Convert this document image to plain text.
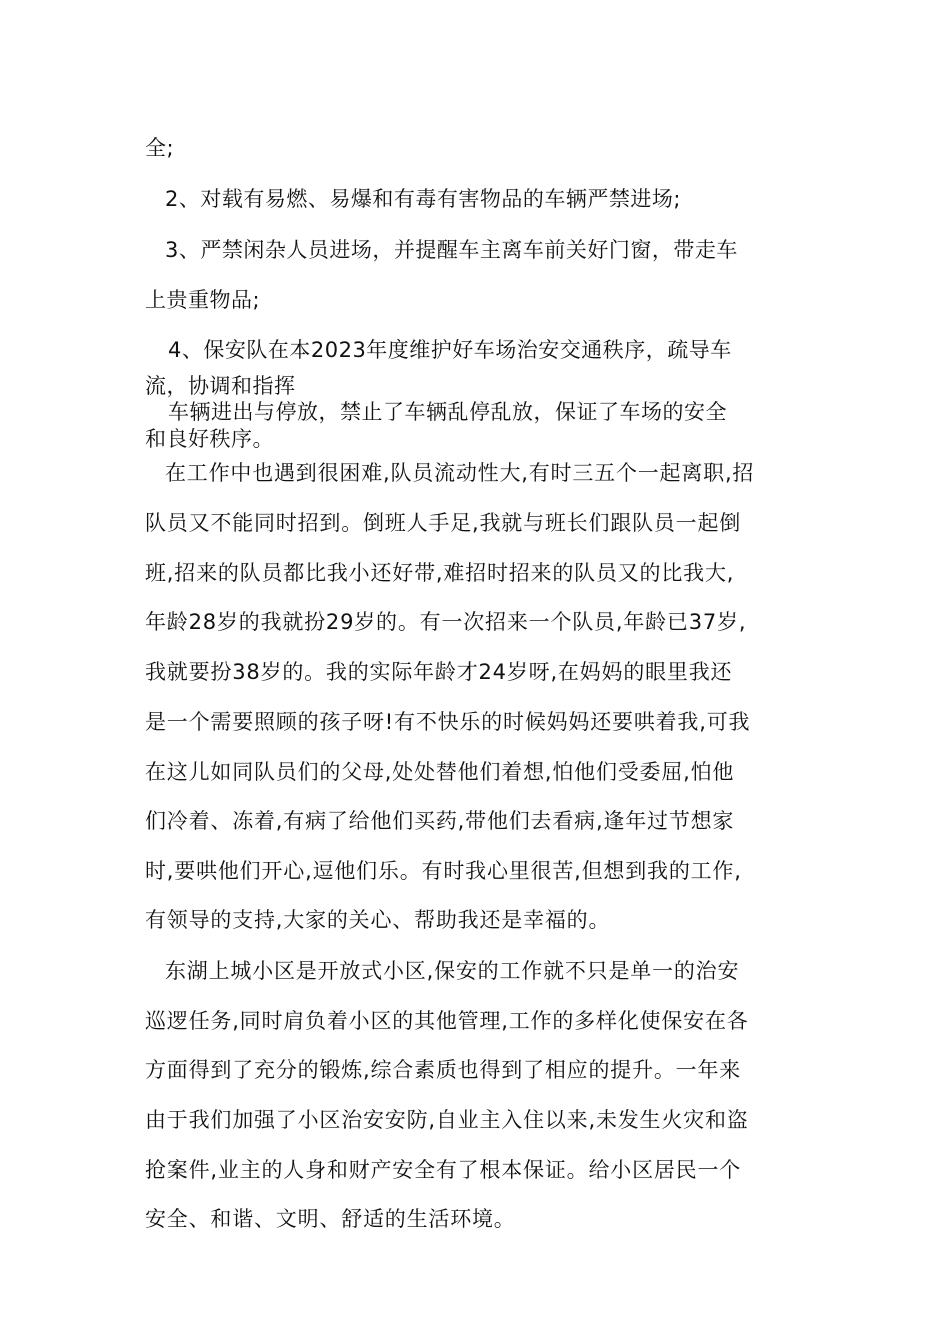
全;
2、对载有易燃、易爆和有毒有害物品的车辆严禁进场;
3、严禁闲杂人员进场，并提醒车主离车前关好门窗，带走车
上贵重物品;
4、保安队在本2023年度维护好车场治安交通秩序，疏导车
流，协调和指挥
车辆进出与停放，禁止了车辆乱停乱放，保证了车场的安全
和良好秩序。
在工作中也遇到很困难,队员流动性大,有时三五个一起离职,招
队员又不能同时招到。倒班人手足,我就与班长们跟队员一起倒
班,招来的队员都比我小还好带,难招时招来的队员又的比我大,
年龄28岁的我就扮29岁的。有一次招来一个队员,年龄已37岁,
我就要扮38岁的。我的实际年龄才24岁呀,在妈妈的眼里我还
是一个需要照顾的孩子呀!有不快乐的时候妈妈还要哄着我,可我
在这儿如同队员们的父母,处处替他们着想,怕他们受委屈,怕他
们冷着、冻着,有病了给他们买药,带他们去看病,逢年过节想家
时,要哄他们开心,逗他们乐。有时我心里很苦,但想到我的工作,
有领导的支持,大家的关心、帮助我还是幸福的。
东湖上城小区是开放式小区,保安的工作就不只是单一的治安
巡逻任务,同时肩负着小区的其他管理,工作的多样化使保安在各
方面得到了充分的锻炼,综合素质也得到了相应的提升。一年来
由于我们加强了小区治安安防,自业主入住以来,未发生火灾和盗
抢案件,业主的人身和财产安全有了根本保证。给小区居民一个
安全、和谐、文明、舒适的生活环境。
